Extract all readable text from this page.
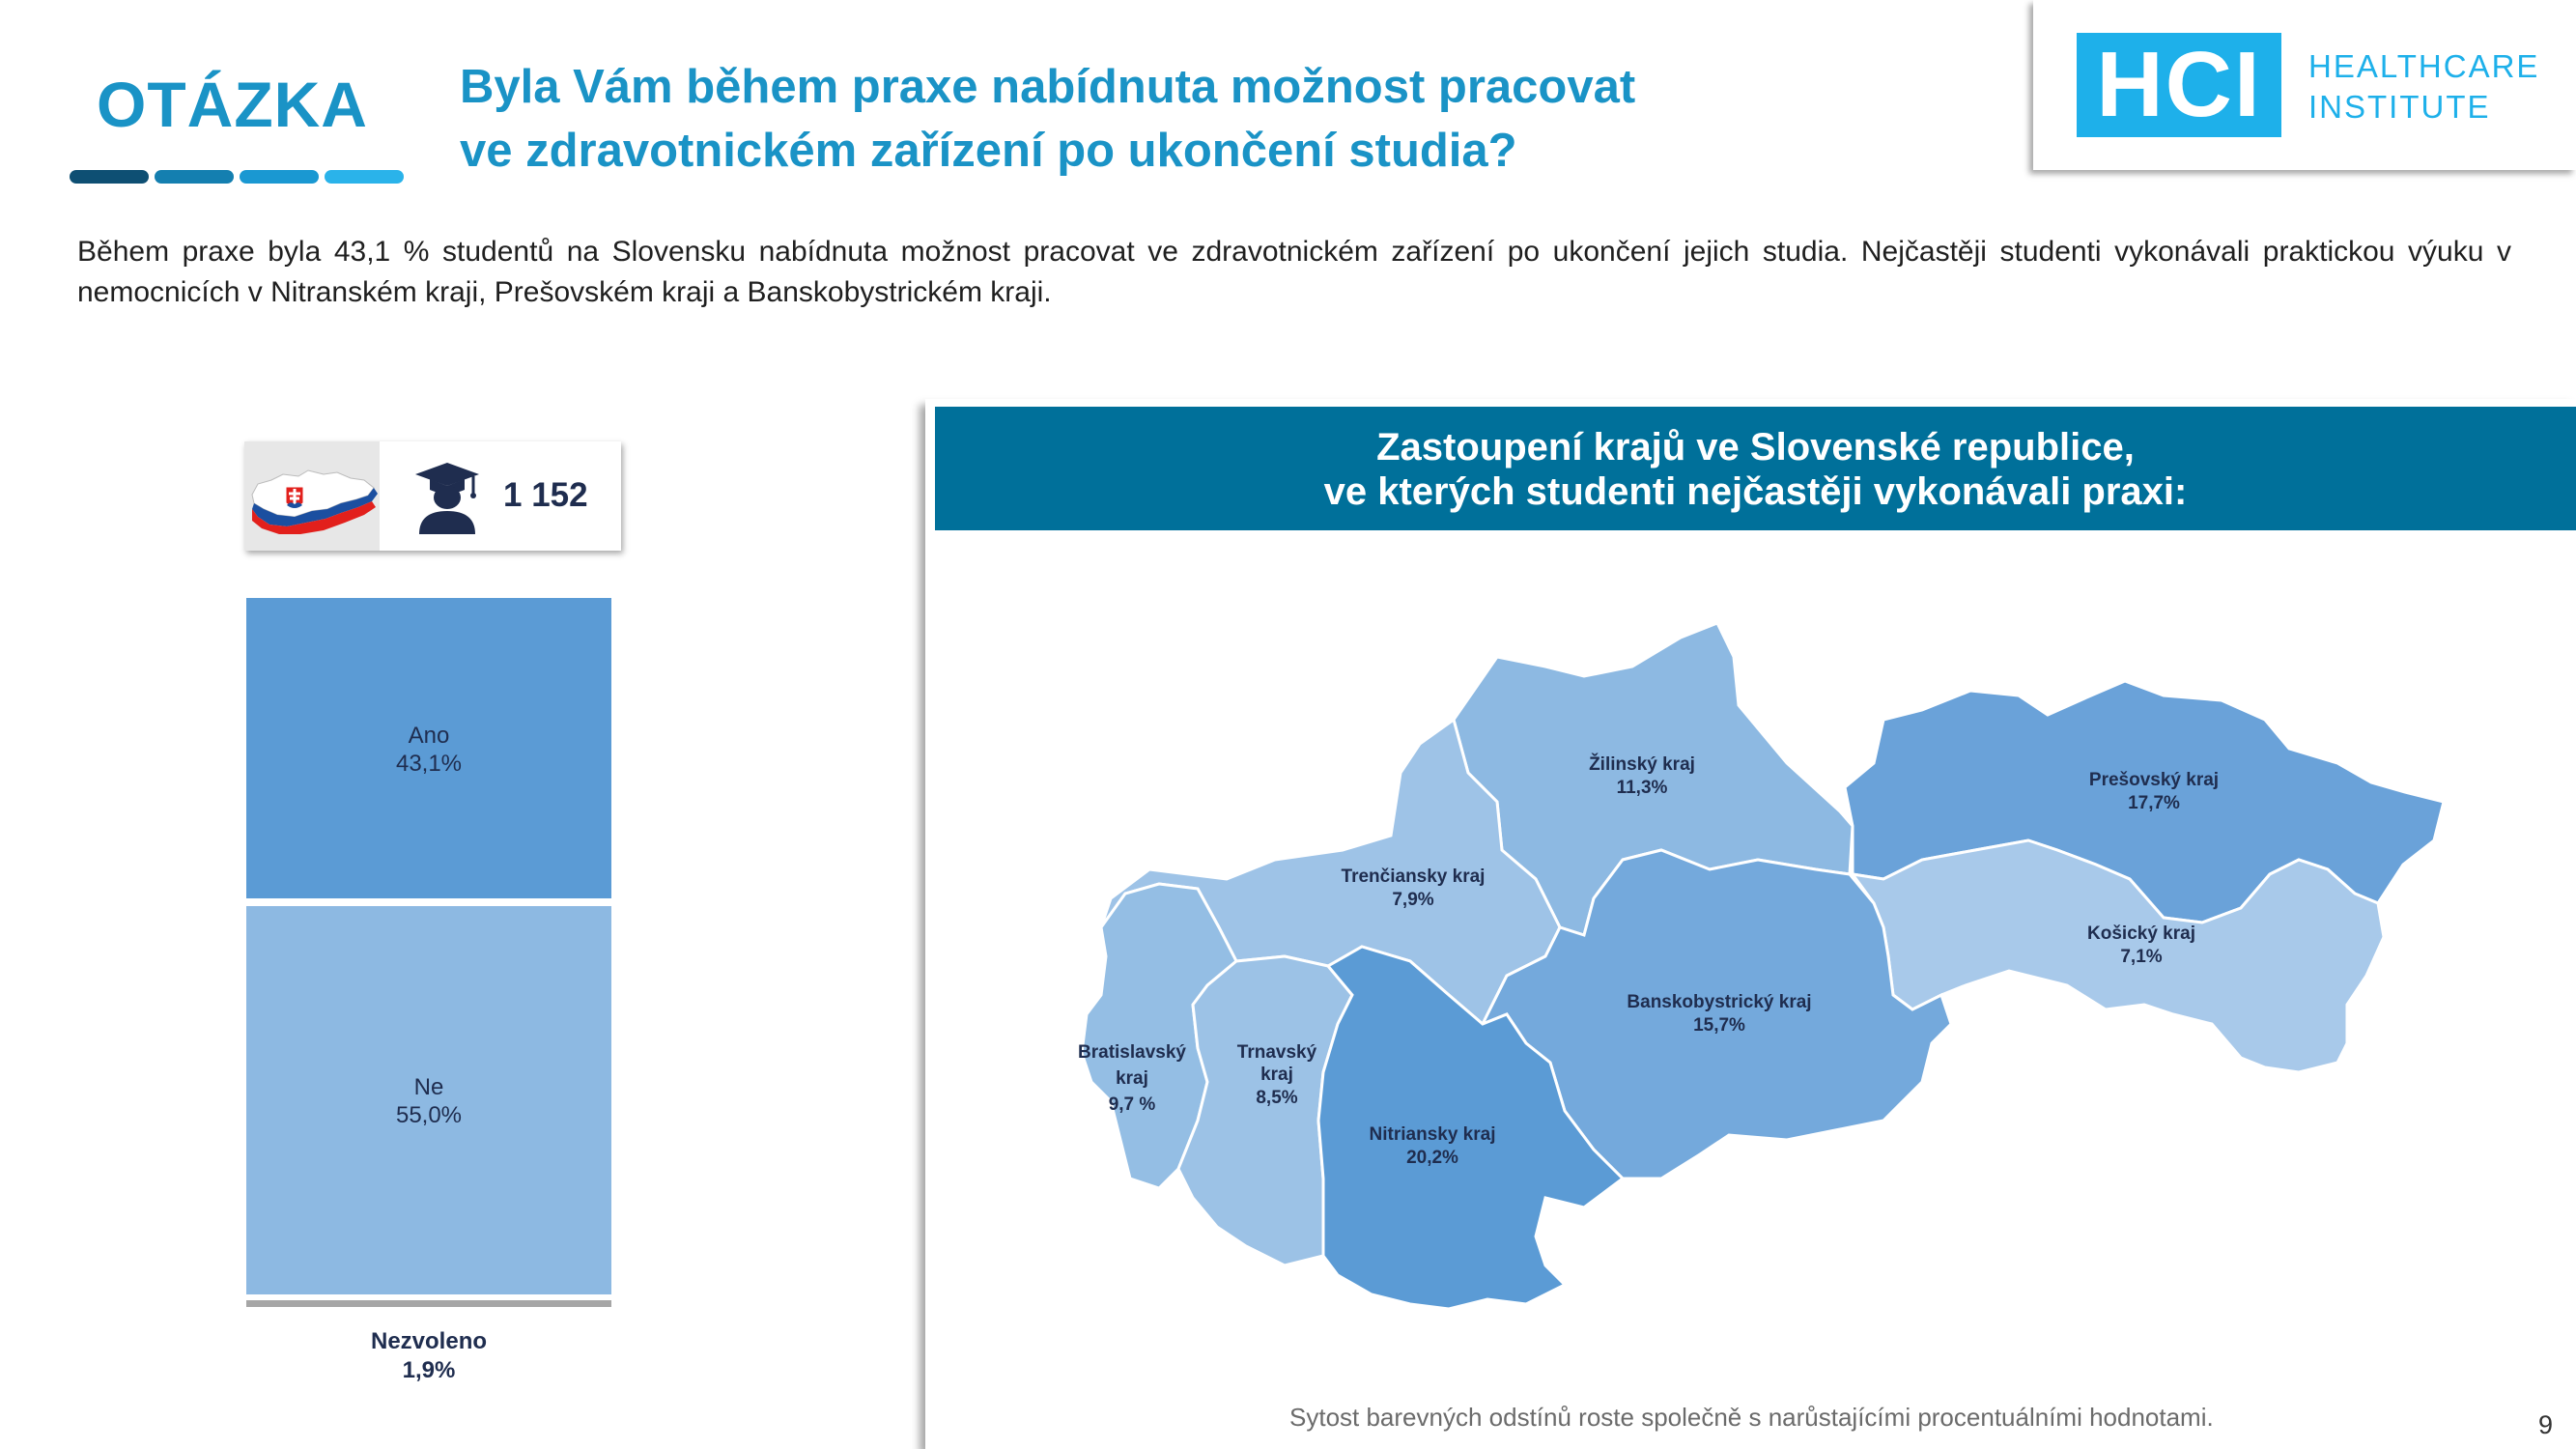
OTÁZKA	Byla Vám během praxe nabídnuta možnost pracovat
ve zdravotnickém zařízení po ukončení studia?
HCI	HEALTHCARE
INSTITUTE
Během praxe byla 43,1 % studentů na Slovensku nabídnuta možnost pracovat ve zdravotnickém zařízení po ukončení jejich studia. Nejčastěji studenti vykonávali praktickou výuku v nemocnicích v Nitranském kraji, Prešovském kraji a Banskobystrickém kraji.
1 152
Ano
43,1%
Ne
55,0%
Nezvoleno
1,9%
Zastoupení krajů ve Slovenské republice,
ve kterých studenti nejčastěji vykonávali praxi:
Žilinský kraj
11,3%	Prešovský kraj
17,7%
Trenčiansky kraj
7,9%
Košický kraj
7,1%
Banskobystrický kraj
15,7%
Bratislavský
kraj
9,7 %
Trnavský
kraj
8,5%
Nitriansky kraj
20,2%
Sytost barevných odstínů roste společně s narůstajícími procentuálními hodnotami.	9
